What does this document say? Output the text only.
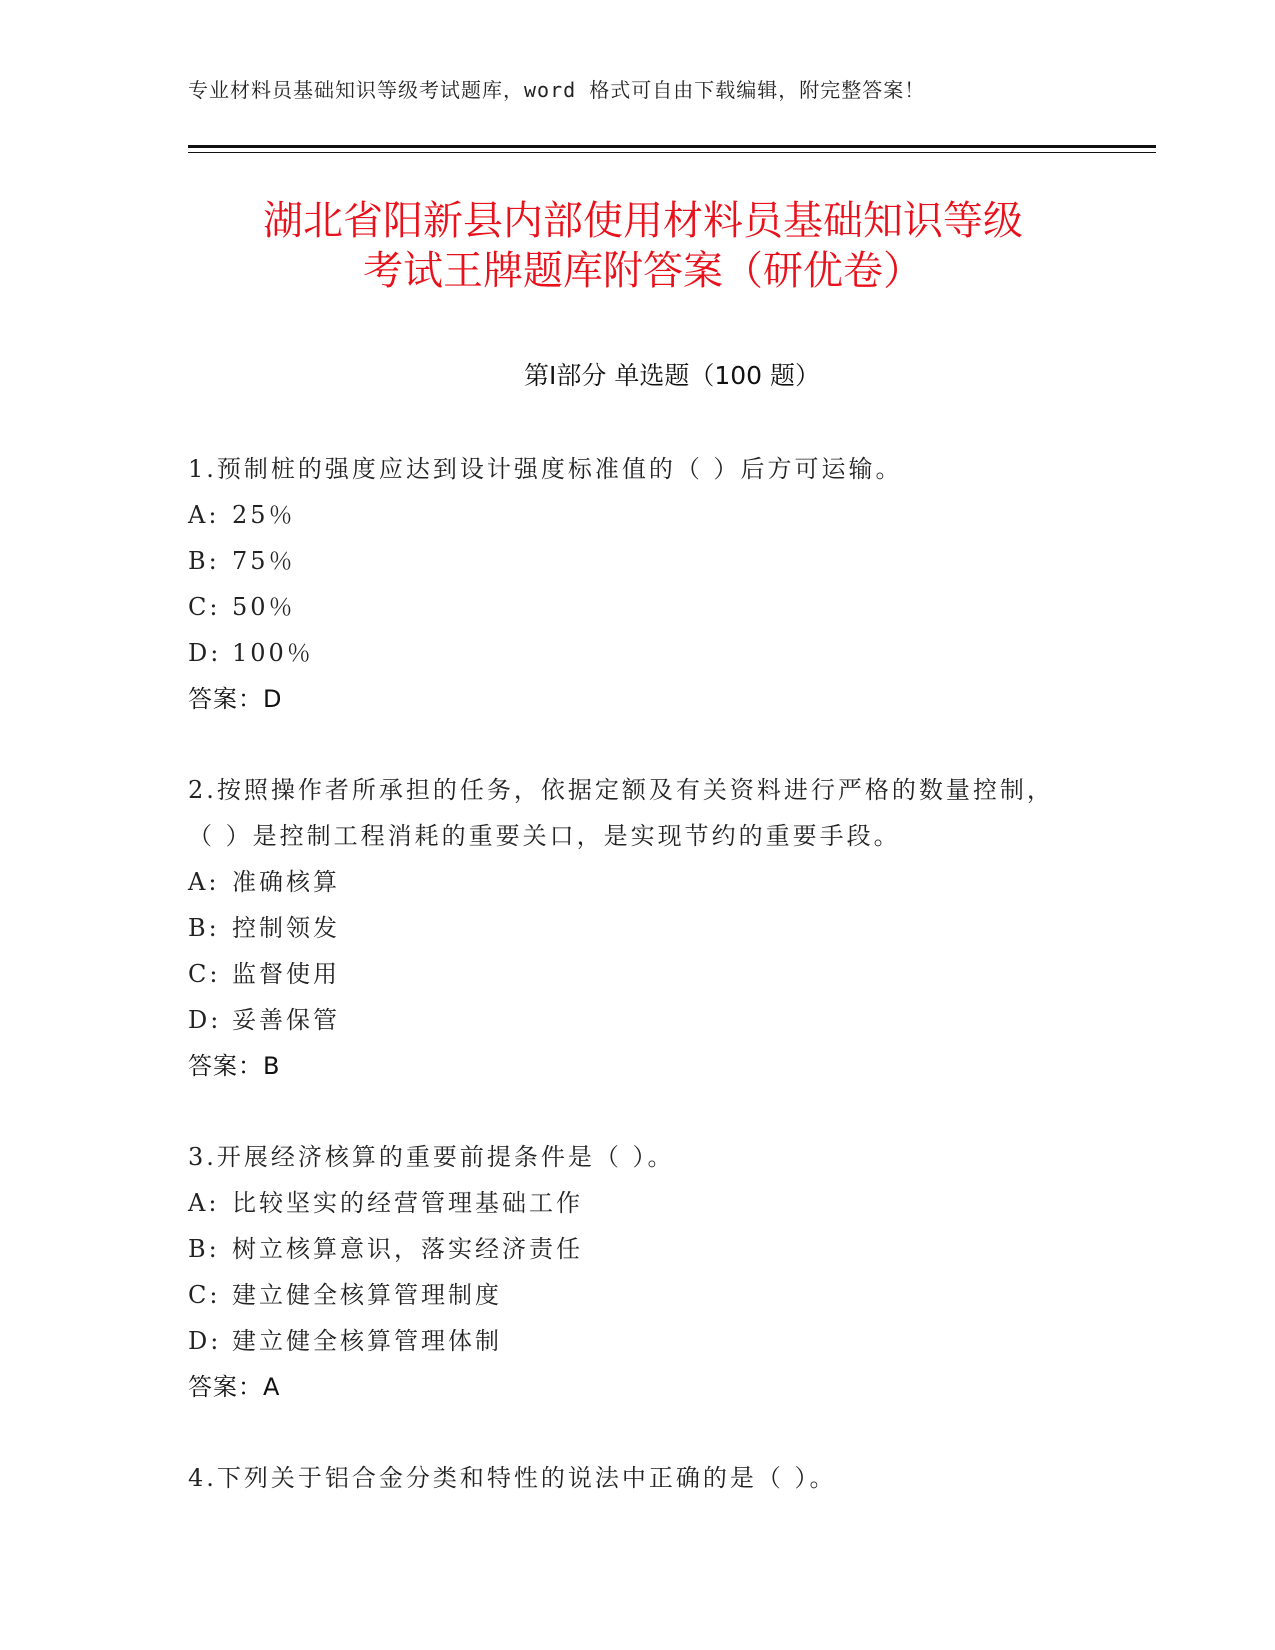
专业材料员基础知识等级考试题库，word 格式可自由下载编辑，附完整答案！
湖北省阳新县内部使用材料员基础知识等级
考试王牌题库附答案（研优卷）
第Ⅰ部分 单选题（100 题）
1.预制桩的强度应达到设计强度标准值的（ ）后方可运输。
A: 25％
B: 75％
C: 50％
D: 100％
答案：D
2.按照操作者所承担的任务，依据定额及有关资料进行严格的数量控制，（ ）是控制工程消耗的重要关口，是实现节约的重要手段。
A: 准确核算
B: 控制领发
C: 监督使用
D: 妥善保管
答案：B
3.开展经济核算的重要前提条件是（ ）。
A: 比较坚实的经营管理基础工作
B: 树立核算意识，落实经济责任
C: 建立健全核算管理制度
D: 建立健全核算管理体制
答案：A
4.下列关于铝合金分类和特性的说法中正确的是（ ）。
